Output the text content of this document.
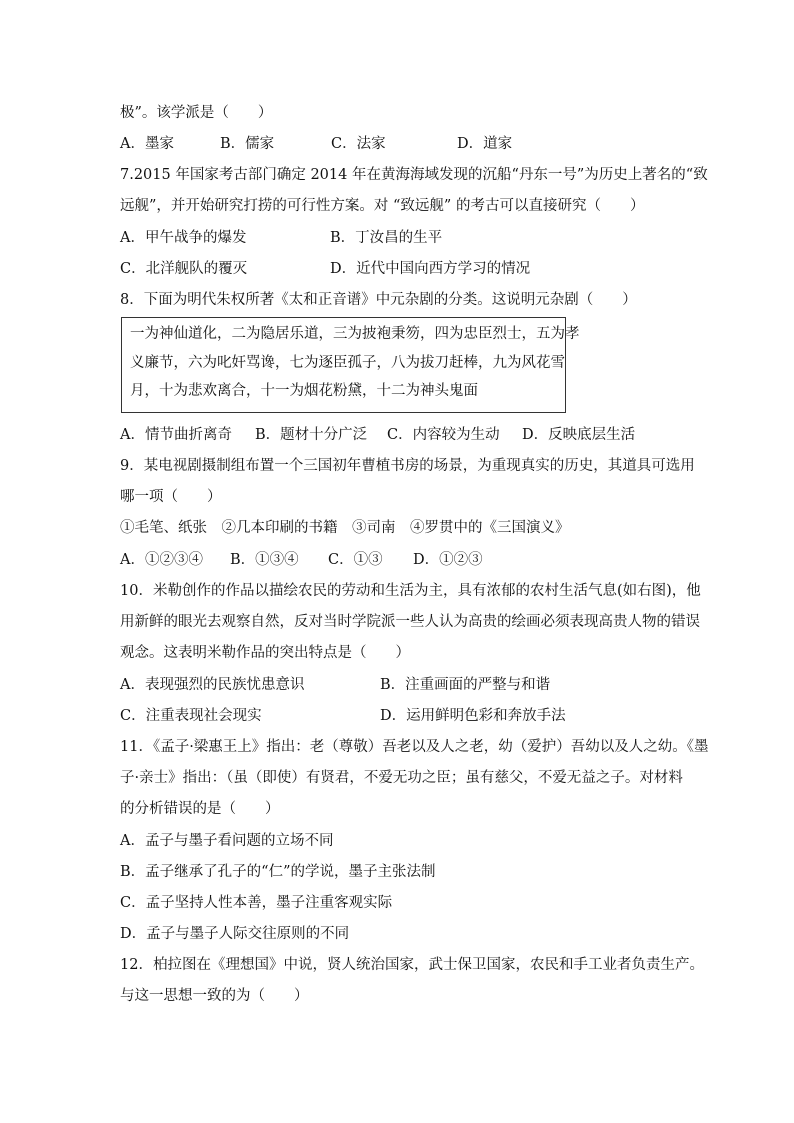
极”。该学派是（　　）
A．墨家	B．儒家	C．法家	D．道家
7.2015 年国家考古部门确定 2014 年在黄海海域发现的沉船“丹东一号”为历史上著名的“致
远舰”，并开始研究打捞的可行性方案。对 “致远舰” 的考古可以直接研究（　　）
A．甲午战争的爆发	B．丁汝昌的生平
C．北洋舰队的覆灭	D．近代中国向西方学习的情况
8．下面为明代朱权所著《太和正音谱》中元杂剧的分类。这说明元杂剧（　　）
一为神仙道化，二为隐居乐道，三为披袍秉笏，四为忠臣烈士，五为孝
义廉节，六为叱奸骂谗，七为逐臣孤子，八为拔刀赶棒，九为风花雪
月，十为悲欢离合，十一为烟花粉黛，十二为神头鬼面
A．情节曲折离奇 B．题材十分广泛 C．内容较为生动 D．反映底层生活
9．某电视剧摄制组布置一个三国初年曹植书房的场景，为重现真实的历史，其道具可选用
哪一项（　　）
①毛笔、纸张　②几本印刷的书籍　③司南　④罗贯中的《三国演义》
A．①②③④ B．①③④ C．①③ D．①②③
10．米勒创作的作品以描绘农民的劳动和生活为主，具有浓郁的农村生活气息(如右图)，他
用新鲜的眼光去观察自然，反对当时学院派一些人认为高贵的绘画必须表现高贵人物的错误
观念。这表明米勒作品的突出特点是（　　）
A．表现强烈的民族忧患意识	B．注重画面的严整与和谐
C．注重表现社会现实	D．运用鲜明色彩和奔放手法
11．《孟子·梁惠王上》指出：老（尊敬）吾老以及人之老，幼（爱护）吾幼以及人之幼。《墨
子·亲士》指出：（虽（即使）有贤君，不爱无功之臣；虽有慈父，不爱无益之子。对材料
的分析错误的是（　　）
A．孟子与墨子看问题的立场不同
B．孟子继承了孔子的“仁”的学说，墨子主张法制
C．孟子坚持人性本善，墨子注重客观实际
D．孟子与墨子人际交往原则的不同
12．柏拉图在《理想国》中说，贤人统治国家，武士保卫国家，农民和手工业者负责生产。
与这一思想一致的为（　　）
